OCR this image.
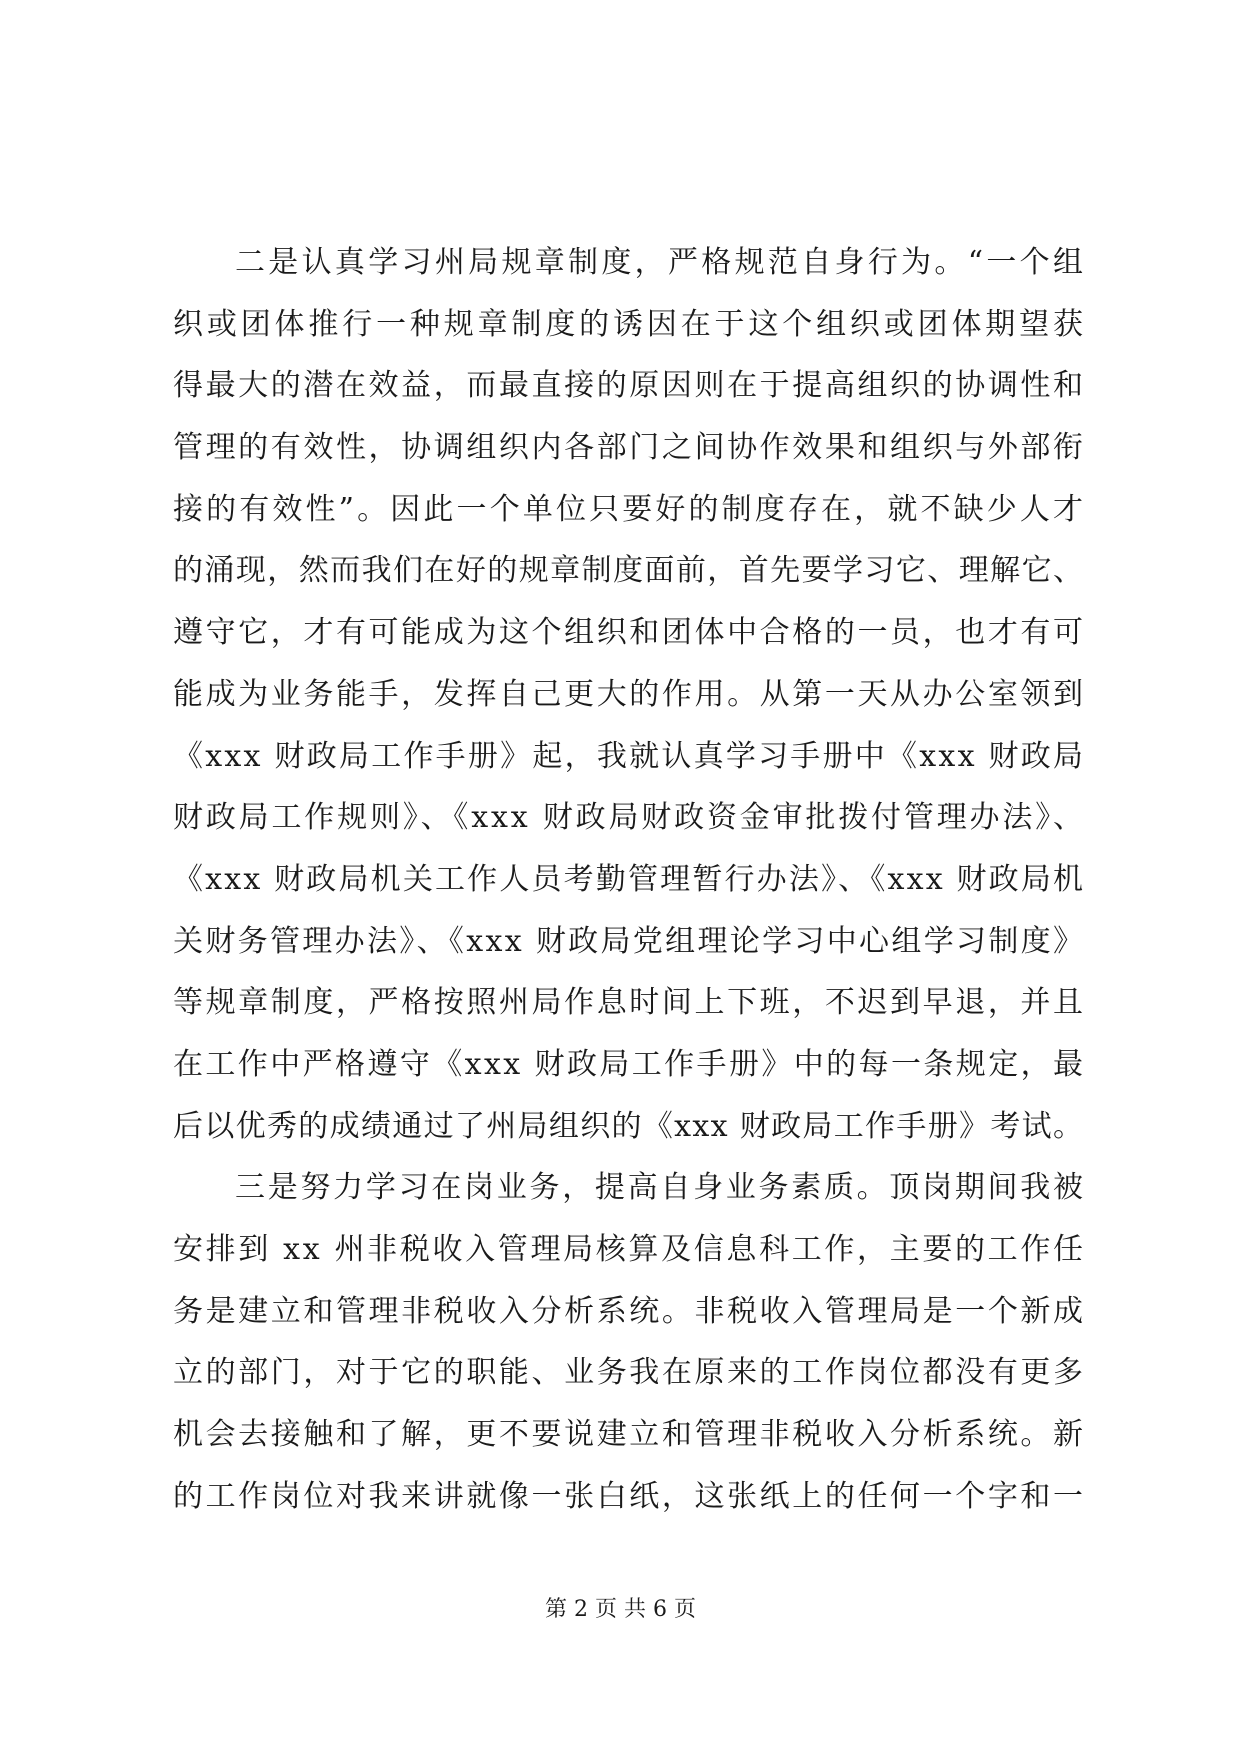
二是认真学习州局规章制度，严格规范自身行为。“一个组
织或团体推行一种规章制度的诱因在于这个组织或团体期望获
得最大的潜在效益，而最直接的原因则在于提高组织的协调性和
管理的有效性，协调组织内各部门之间协作效果和组织与外部衔
接的有效性”。因此一个单位只要好的制度存在，就不缺少人才
的涌现，然而我们在好的规章制度面前，首先要学习它、理解它、
遵守它，才有可能成为这个组织和团体中合格的一员，也才有可
能成为业务能手，发挥自己更大的作用。从第一天从办公室领到
《xxx 财政局工作手册》起，我就认真学习手册中《xxx 财政局
财政局工作规则》、《xxx 财政局财政资金审批拨付管理办法》、
《xxx 财政局机关工作人员考勤管理暂行办法》、《xxx 财政局机
关财务管理办法》、《xxx 财政局党组理论学习中心组学习制度》
等规章制度，严格按照州局作息时间上下班，不迟到早退，并且
在工作中严格遵守《xxx 财政局工作手册》中的每一条规定，最
后以优秀的成绩通过了州局组织的《xxx 财政局工作手册》考试。
三是努力学习在岗业务，提高自身业务素质。顶岗期间我被
安排到 xx 州非税收入管理局核算及信息科工作，主要的工作任
务是建立和管理非税收入分析系统。非税收入管理局是一个新成
立的部门，对于它的职能、业务我在原来的工作岗位都没有更多
机会去接触和了解，更不要说建立和管理非税收入分析系统。新
的工作岗位对我来讲就像一张白纸，这张纸上的任何一个字和一
第 2 页 共 6 页
